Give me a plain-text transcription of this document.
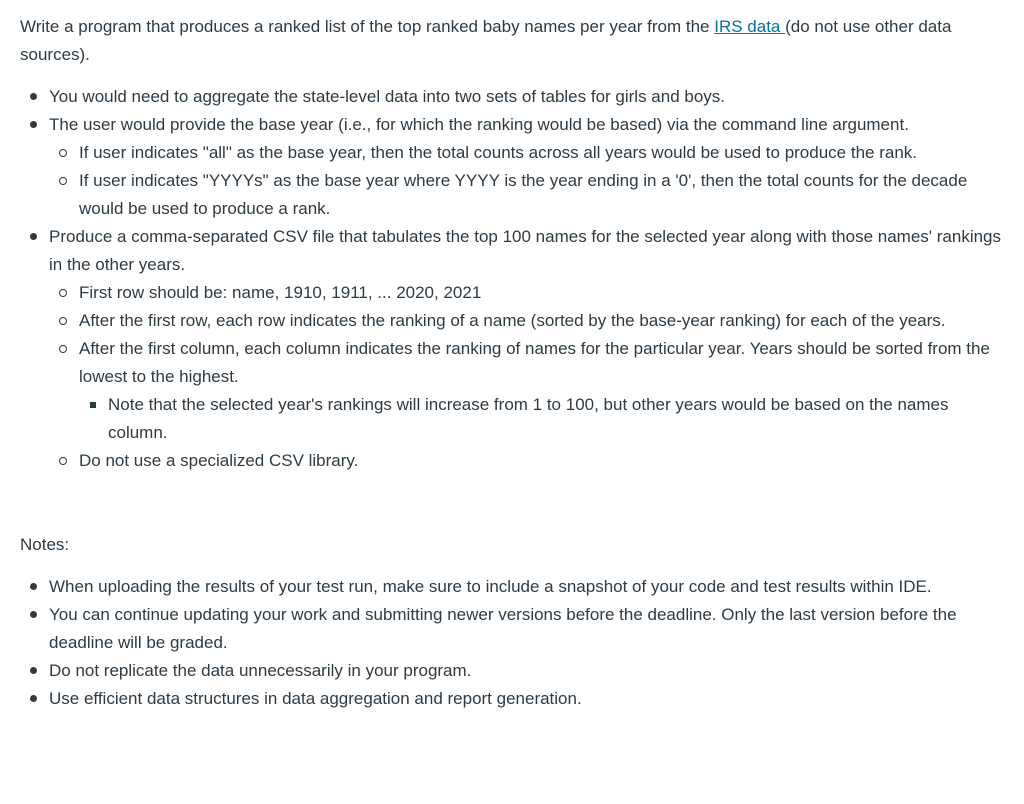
Write a program that produces a ranked list of the top ranked baby names per year from the IRS data (do not use other data sources).

You would need to aggregate the state-level data into two sets of tables for girls and boys.
The user would provide the base year (i.e., for which the ranking would be based) via the command line argument.
If user indicates "all" as the base year, then the total counts across all years would be used to produce the rank.
If user indicates "YYYYs" as the base year where YYYY is the year ending in a '0', then the total counts for the decade would be used to produce a rank.
Produce a comma-separated CSV file that tabulates the top 100 names for the selected year along with those names' rankings in the other years.
First row should be: name, 1910, 1911, ... 2020, 2021
After the first row, each row indicates the ranking of a name (sorted by the base-year ranking) for each of the years.
After the first column, each column indicates the ranking of names for the particular year. Years should be sorted from the lowest to the highest.
Note that the selected year's rankings will increase from 1 to 100, but other years would be based on the names column.
Do not use a specialized CSV library.

Notes:

When uploading the results of your test run, make sure to include a snapshot of your code and test results within IDE.
You can continue updating your work and submitting newer versions before the deadline. Only the last version before the deadline will be graded.
Do not replicate the data unnecessarily in your program.
Use efficient data structures in data aggregation and report generation.
